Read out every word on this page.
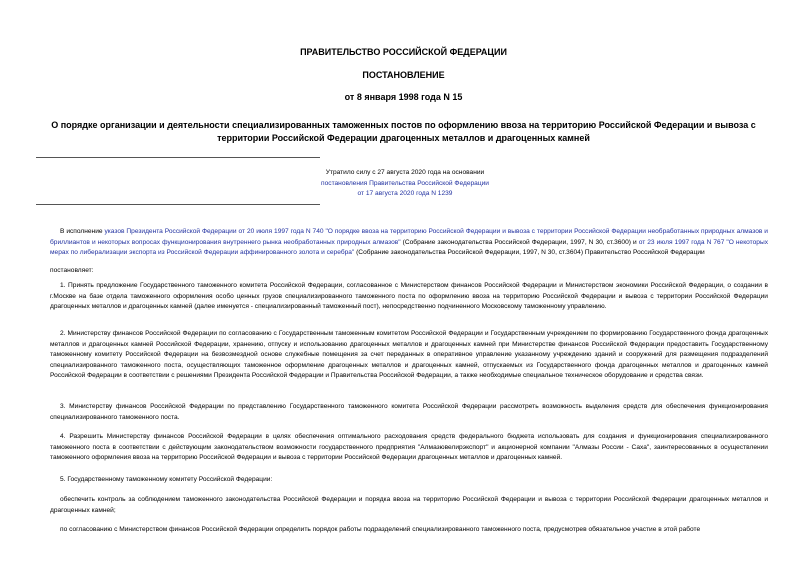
ПРАВИТЕЛЬСТВО РОССИЙСКОЙ ФЕДЕРАЦИИ
ПОСТАНОВЛЕНИЕ
от 8 января 1998 года N 15
О порядке организации и деятельности специализированных таможенных постов по оформлению ввоза на территорию Российской Федерации и вывоза с территории Российской Федерации драгоценных металлов и драгоценных камней
Утратило силу с 27 августа 2020 года на основании
постановления Правительства Российской Федерации
от 17 августа 2020 года N 1239

В исполнение указов Президента Российской Федерации от 20 июля 1997 года N 740 "О порядке ввоза на территорию Российской Федерации и вывоза с территории Российской Федерации необработанных природных алмазов и бриллиантов и некоторых вопросах функционирования внутреннего рынка необработанных природных алмазов" (Собрание законодательства Российской Федерации, 1997, N 30, ст.3600) и от 23 июля 1997 года N 767 "О некоторых мерах по либерализации экспорта из Российской Федерации аффинированного золота и серебра" (Собрание законодательства Российской Федерации, 1997, N 30, ст.3604) Правительство Российской Федерации

постановляет:

1. Принять предложение Государственного таможенного комитета Российской Федерации, согласованное с Министерством финансов Российской Федерации и Министерством экономики Российской Федерации, о создании в г.Москве на базе отдела таможенного оформления особо ценных грузов специализированного таможенного поста по оформлению ввоза на территорию Российской Федерации и вывоза с территории Российской Федерации драгоценных металлов и драгоценных камней (далее именуется - специализированный таможенный пост), непосредственно подчиненного Московскому таможенному управлению.

2. Министерству финансов Российской Федерации по согласованию с Государственным таможенным комитетом Российской Федерации и Государственным учреждением по формированию Государственного фонда драгоценных металлов и драгоценных камней Российской Федерации, хранению, отпуску и использованию драгоценных металлов и драгоценных камней при Министерстве финансов Российской Федерации предоставить Государственному таможенному комитету Российской Федерации на безвозмездной основе служебные помещения за счет переданных в оперативное управление указанному учреждению зданий и сооружений для размещения подразделений специализированного таможенного поста, осуществляющих таможенное оформление драгоценных металлов и драгоценных камней, отпускаемых из Государственного фонда драгоценных металлов и драгоценных камней Российской Федерации в соответствии с решениями Президента Российской Федерации и Правительства Российской Федерации, а также необходимые специальное техническое оборудование и средства связи.

3. Министерству финансов Российской Федерации по представлению Государственного таможенного комитета Российской Федерации рассмотреть возможность выделения средств для обеспечения функционирования специализированного таможенного поста.

4. Разрешить Министерству финансов Российской Федерации в целях обеспечения оптимального расходования средств федерального бюджета использовать для создания и функционирования специализированного таможенного поста в соответствии с действующим законодательством возможности государственного предприятия "Алмазювелирэкспорт" и акционерной компании "Алмазы России - Саха", заинтересованных в осуществлении таможенного оформления ввоза на территорию Российской Федерации и вывоза с территории Российской Федерации драгоценных металлов и драгоценных камней.

5. Государственному таможенному комитету Российской Федерации:

обеспечить контроль за соблюдением таможенного законодательства Российской Федерации и порядка ввоза на территорию Российской Федерации и вывоза с территории Российской Федерации драгоценных металлов и драгоценных камней;

по согласованию с Министерством финансов Российской Федерации определить порядок работы подразделений специализированного таможенного поста, предусмотрев обязательное участие в этой работе
